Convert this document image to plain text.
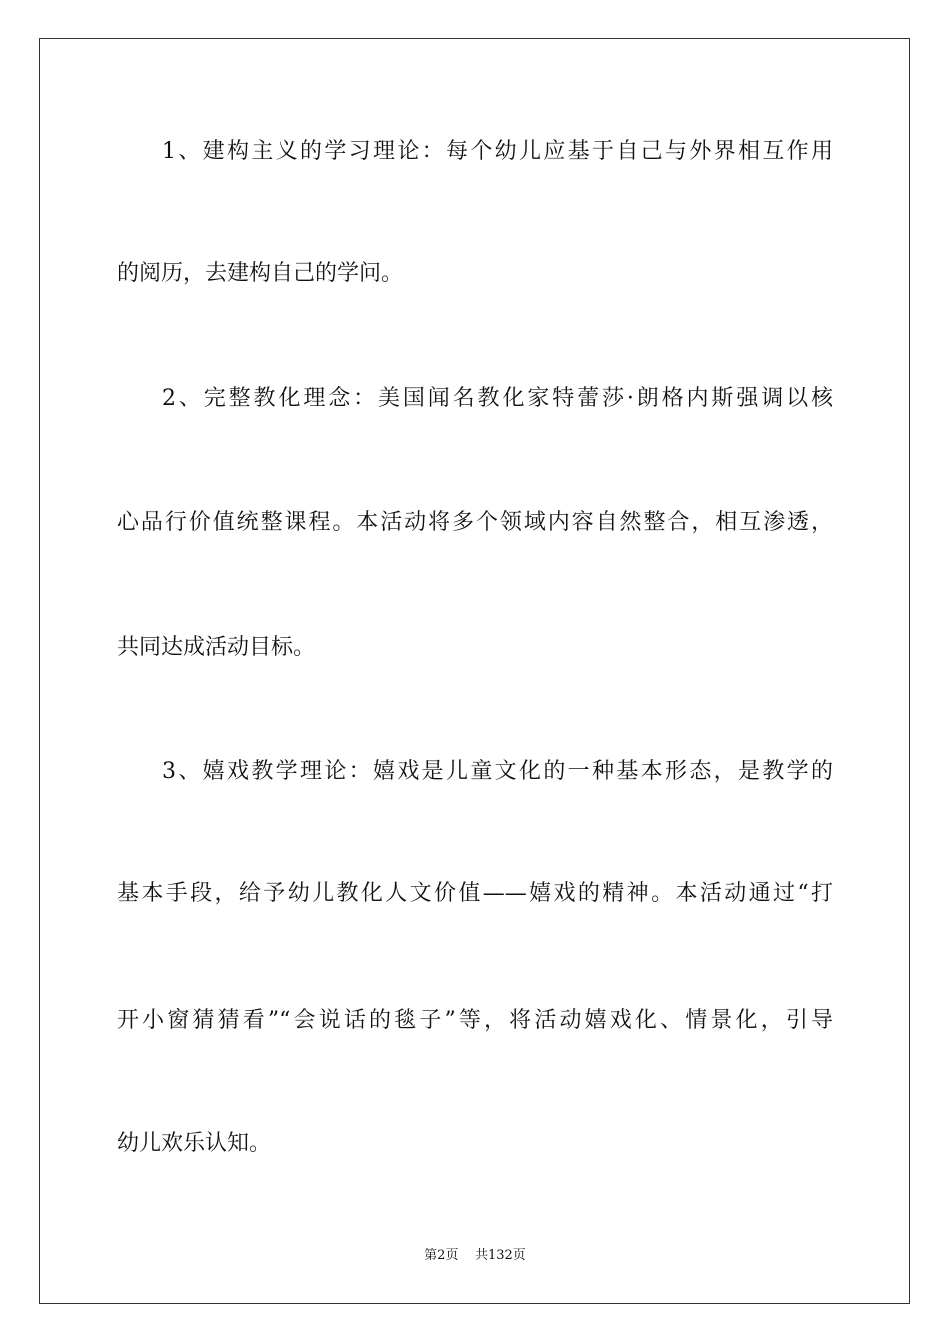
1、建构主义的学习理论：每个幼儿应基于自己与外界相互作用
的阅历，去建构自己的学问。
2、完整教化理念：美国闻名教化家特蕾莎·朗格内斯强调以核
心品行价值统整课程。本活动将多个领域内容自然整合，相互渗透，
共同达成活动目标。
3、嬉戏教学理论：嬉戏是儿童文化的一种基本形态，是教学的
基本手段，给予幼儿教化人文价值——嬉戏的精神。本活动通过“打
开小窗猜猜看”“会说话的毯子”等，将活动嬉戏化、情景化，引导
幼儿欢乐认知。
第2页 共132页
